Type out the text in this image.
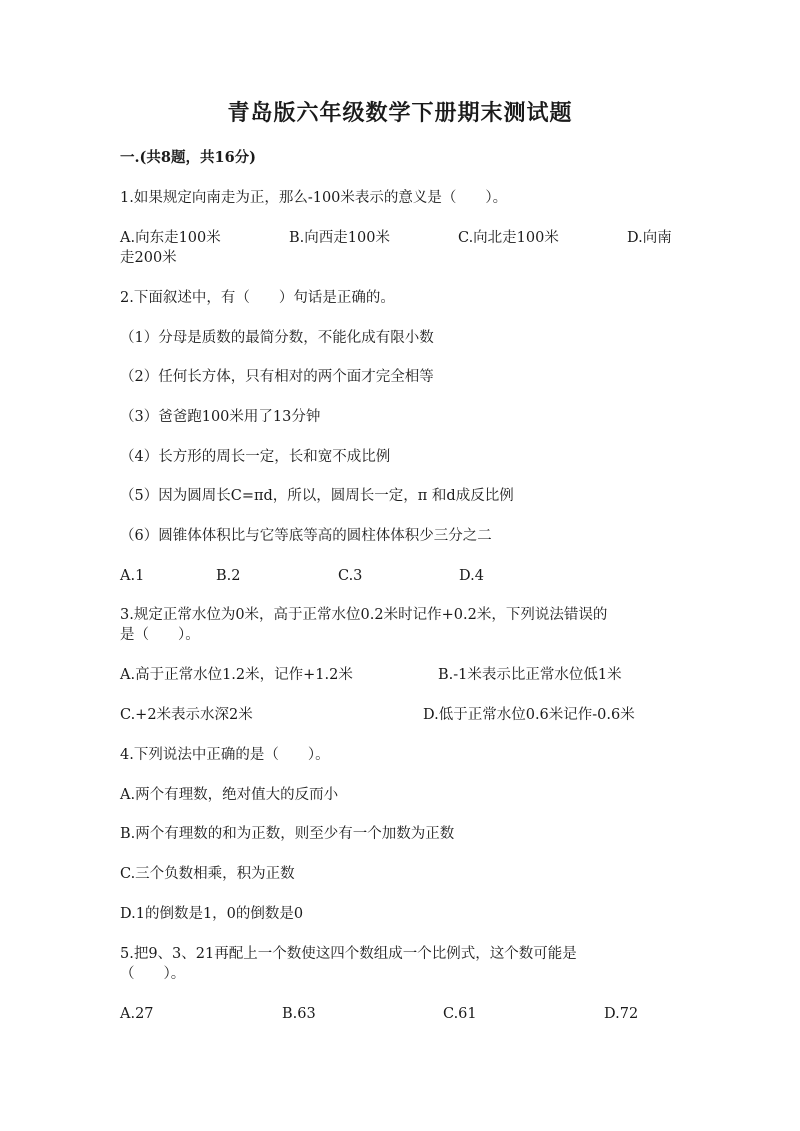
青岛版六年级数学下册期末测试题
一.(共8题，共16分)
1.如果规定向南走为正，那么-100米表示的意义是（　　）。
A.向东走100米	B.向西走100米	C.向北走100米	D.向南
走200米
2.下面叙述中，有（　　）句话是正确的。
（1）分母是质数的最简分数，不能化成有限小数
（2）任何长方体，只有相对的两个面才完全相等
（3）爸爸跑100米用了13分钟
（4）长方形的周长一定，长和宽不成比例
（5）因为圆周长C=πd，所以，圆周长一定，π 和d成反比例
（6）圆锥体体积比与它等底等高的圆柱体体积少三分之二
A.1	B.2	C.3	D.4
3.规定正常水位为0米，高于正常水位0.2米时记作+0.2米，下列说法错误的
是（　　）。
A.高于正常水位1.2米，记作+1.2米	B.-1米表示比正常水位低1米
C.+2米表示水深2米	D.低于正常水位0.6米记作-0.6米
4.下列说法中正确的是（　　）。
A.两个有理数，绝对值大的反而小
B.两个有理数的和为正数，则至少有一个加数为正数
C.三个负数相乘，积为正数
D.1的倒数是1，0的倒数是0
5.把9、3、21再配上一个数使这四个数组成一个比例式，这个数可能是
（　　）。
A.27	B.63	C.61	D.72
